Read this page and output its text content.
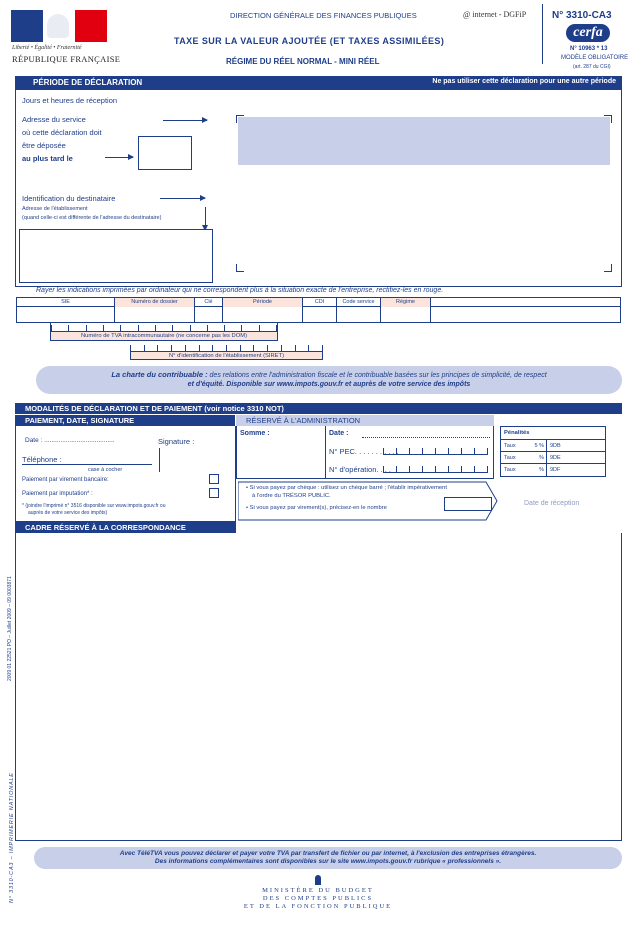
Liberté • Égalité • Fraternité
RÉPUBLIQUE FRANÇAISE
DIRECTION GÉNÉRALE DES FINANCES PUBLIQUES	@ internet - DGFiP	N° 3310-CA3
cerfa
N° 10963 * 13
MODÈLE OBLIGATOIRE
(art. 287 du CGI)
TAXE SUR LA VALEUR AJOUTÉE (ET TAXES ASSIMILÉES)
RÉGIME DU RÉEL NORMAL - MINI RÉEL
PÉRIODE DE DÉCLARATION	Ne pas utiliser cette déclaration pour une autre période
Jours et heures de réception
Adresse du service
où cette déclaration doit
être déposée
au plus tard le
Identification du destinataire
Adresse de l'établissement
(quand celle-ci est différente de l'adresse du destinataire)
Rayer les indications imprimées par ordinateur qui ne correspondent plus à la situation exacte de l'entreprise, rectifiez-les en rouge.
SIE	Numéro de dossier	Clé	Période	CDI	Code service	Régime
Numéro de TVA intracommunautaire (ne concerne pas les DOM)
N° d'identification de l'établissement (SIRET)
La charte du contribuable : des relations entre l'administration fiscale et le contribuable basées sur les principes de simplicité, de respect
et d'équité. Disponible sur www.impots.gouv.fr et auprès de votre service des impôts
MODALITÉS DE DÉCLARATION ET DE PAIEMENT (voir notice 3310 NOT)
PAIEMENT, DATE, SIGNATURE	RÉSERVÉ À L'ADMINISTRATION
Date : .......................................	Signature :
Téléphone :
case à cocher
Paiement par virement bancaire:
Paiement par imputation* :
* (joindre l'imprimé n° 3516 disponible sur www.impots.gouv.fr ou
auprès de votre service des impôts)
CADRE RÉSERVÉ À LA CORRESPONDANCE
Somme :	Date :
N° PEC. . . . . . . . . . .
N° d'opération. . . .
• Si vous payez par chèque : utilisez un chèque barré ; l'établir impérativement
à l'ordre du TRÉSOR PUBLIC.
• Si vous payez par virement(s), précisez-en le nombre
Pénalités
Taux	5 %	9DB
Taux	%	9DE
Taux	%	9DF
Date de réception
N° 3310-CA3 – IMPRIMERIE NATIONALE
2009 01 22521 PO – Juillet 2009 – 09 0003871
Avec TéléTVA vous pouvez déclarer et payer votre TVA par transfert de fichier ou par internet, à l'exclusion des entreprises étrangères.
Des informations complémentaires sont disponibles sur le site www.impots.gouv.fr rubrique « professionnels ».
MINISTÈRE DU BUDGET
DES COMPTES PUBLICS
ET DE LA FONCTION PUBLIQUE
